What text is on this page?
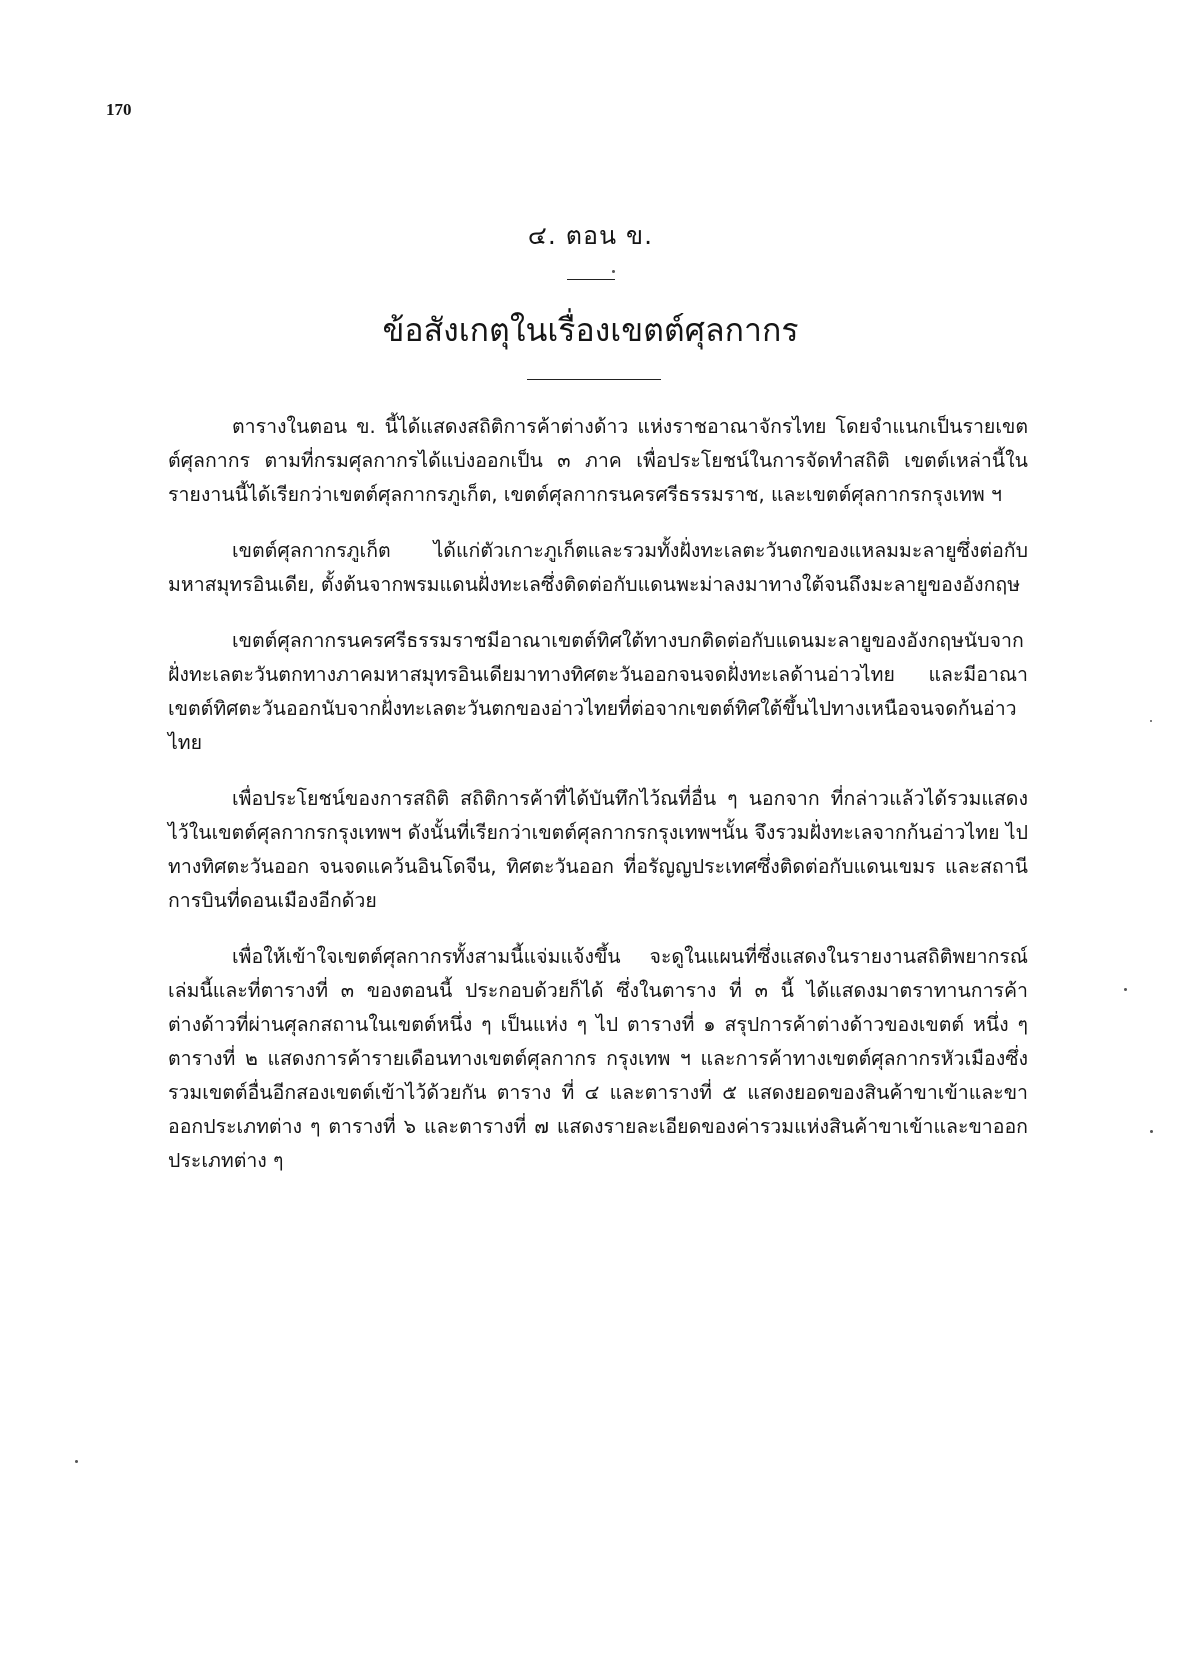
170
๔. ตอน ข.
ข้อสังเกตุในเรื่องเขตต์ศุลกากร

ตารางในตอน ข. นี้ได้แสดงสถิติการค้าต่างด้าว แห่งราชอาณาจักรไทย โดยจำแนกเป็นรายเขตต์ศุลกากร ตามที่กรมศุลกากรได้แบ่งออกเป็น ๓ ภาค เพื่อประโยชน์ในการจัดทำสถิติ เขตต์เหล่านี้ในรายงานนี้ได้เรียกว่าเขตต์ศุลกากรภูเก็ต, เขตต์ศุลกากรนครศรีธรรมราช, และเขตต์ศุลกากรกรุงเทพ ฯ

เขตต์ศุลกากรภูเก็ต ได้แก่ตัวเกาะภูเก็ตและรวมทั้งฝั่งทะเลตะวันตกของแหลมมะลายูซึ่งต่อกับมหาสมุทรอินเดีย, ตั้งต้นจากพรมแดนฝั่งทะเลซึ่งติดต่อกับแดนพะม่าลงมาทางใต้จนถึงมะลายูของอังกฤษ

เขตต์ศุลกากรนครศรีธรรมราชมีอาณาเขตต์ทิศใต้ทางบกติดต่อกับแดนมะลายูของอังกฤษนับจากฝั่งทะเลตะวันตกทางภาคมหาสมุทรอินเดียมาทางทิศตะวันออกจนจดฝั่งทะเลด้านอ่าวไทย และมีอาณาเขตต์ทิศตะวันออกนับจากฝั่งทะเลตะวันตกของอ่าวไทยที่ต่อจากเขตต์ทิศใต้ขึ้นไปทางเหนือจนจดก้นอ่าวไทย

เพื่อประโยชน์ของการสถิติ สถิติการค้าที่ได้บันทึกไว้ณที่อื่น ๆ นอกจาก ที่กล่าวแล้วได้รวมแสดงไว้ในเขตต์ศุลกากรกรุงเทพฯ ดังนั้นที่เรียกว่าเขตต์ศุลกากรกรุงเทพฯนั้น จึงรวมฝั่งทะเลจากก้นอ่าวไทย ไปทางทิศตะวันออก จนจดแคว้นอินโดจีน, ทิศตะวันออก ที่อรัญญประเทศซึ่งติดต่อกับแดนเขมร และสถานีการบินที่ดอนเมืองอีกด้วย

เพื่อให้เข้าใจเขตต์ศุลกากรทั้งสามนี้แจ่มแจ้งขึ้น จะดูในแผนที่ซึ่งแสดงในรายงานสถิติพยากรณ์เล่มนี้และที่ตารางที่ ๓ ของตอนนี้ ประกอบด้วยก็ได้ ซึ่งในตาราง ที่ ๓ นี้ ได้แสดงมาตราทานการค้าต่างด้าวที่ผ่านศุลกสถานในเขตต์หนึ่ง ๆ เป็นแห่ง ๆ ไป ตารางที่ ๑ สรุปการค้าต่างด้าวของเขตต์ หนึ่ง ๆ ตารางที่ ๒ แสดงการค้ารายเดือนทางเขตต์ศุลกากร กรุงเทพ ฯ และการค้าทางเขตต์ศุลกากรหัวเมืองซึ่งรวมเขตต์อื่นอีกสองเขตต์เข้าไว้ด้วยกัน ตาราง ที่ ๔ และตารางที่ ๕ แสดงยอดของสินค้าขาเข้าและขาออกประเภทต่าง ๆ ตารางที่ ๖ และตารางที่ ๗ แสดงรายละเอียดของค่ารวมแห่งสินค้าขาเข้าและขาออกประเภทต่าง ๆ
